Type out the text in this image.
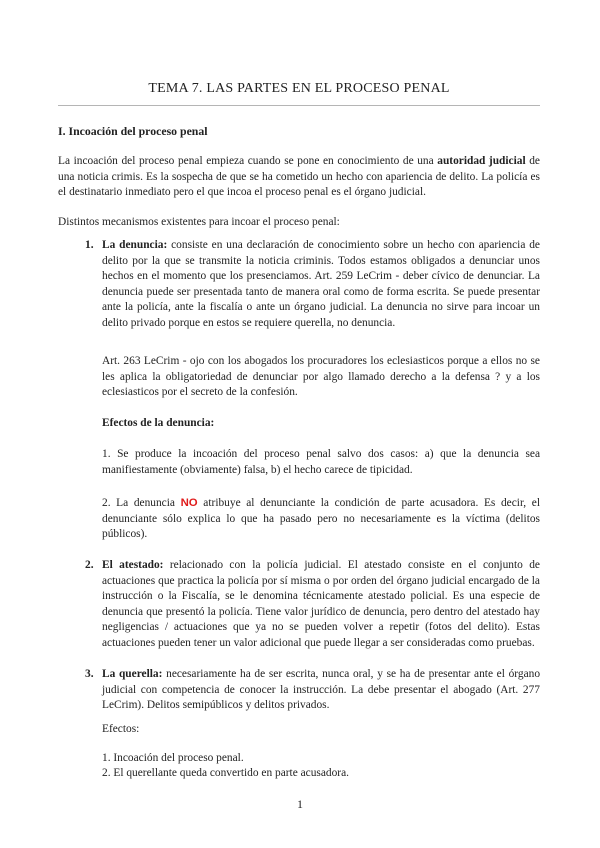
TEMA 7. LAS PARTES EN EL PROCESO PENAL
I. Incoación del proceso penal
La incoación del proceso penal empieza cuando se pone en conocimiento de una autoridad judicial de una noticia crimis. Es la sospecha de que se ha cometido un hecho con apariencia de delito. La policía es el destinatario inmediato pero el que incoa el proceso penal es el órgano judicial.
Distintos mecanismos existentes para incoar el proceso penal:
1. La denuncia: consiste en una declaración de conocimiento sobre un hecho con apariencia de delito por la que se transmite la noticia criminis. Todos estamos obligados a denunciar unos hechos en el momento que los presenciamos. Art. 259 LeCrim - deber cívico de denunciar. La denuncia puede ser presentada tanto de manera oral como de forma escrita. Se puede presentar ante la policía, ante la fiscalía o ante un órgano judicial. La denuncia no sirve para incoar un delito privado porque en estos se requiere querella, no denuncia.
Art. 263 LeCrim - ojo con los abogados los procuradores los eclesiasticos porque a ellos no se les aplica la obligatoriedad de denunciar por algo llamado derecho a la defensa ? y a los eclesiasticos por el secreto de la confesión.
Efectos de la denuncia:
1. Se produce la incoación del proceso penal salvo dos casos: a) que la denuncia sea manifiestamente (obviamente) falsa, b) el hecho carece de tipicidad.
2. La denuncia NO atribuye al denunciante la condición de parte acusadora. Es decir, el denunciante sólo explica lo que ha pasado pero no necesariamente es la víctima (delitos públicos).
2. El atestado: relacionado con la policía judicial. El atestado consiste en el conjunto de actuaciones que practica la policía por sí misma o por orden del órgano judicial encargado de la instrucción o la Fiscalía, se le denomina técnicamente atestado policial. Es una especie de denuncia que presentó la policía. Tiene valor jurídico de denuncia, pero dentro del atestado hay negligencias / actuaciones que ya no se pueden volver a repetir (fotos del delito). Estas actuaciones pueden tener un valor adicional que puede llegar a ser consideradas como pruebas.
3. La querella: necesariamente ha de ser escrita, nunca oral, y se ha de presentar ante el órgano judicial con competencia de conocer la instrucción. La debe presentar el abogado (Art. 277 LeCrim). Delitos semipúblicos y delitos privados.
Efectos:
1. Incoación del proceso penal.
2. El querellante queda convertido en parte acusadora.
1
